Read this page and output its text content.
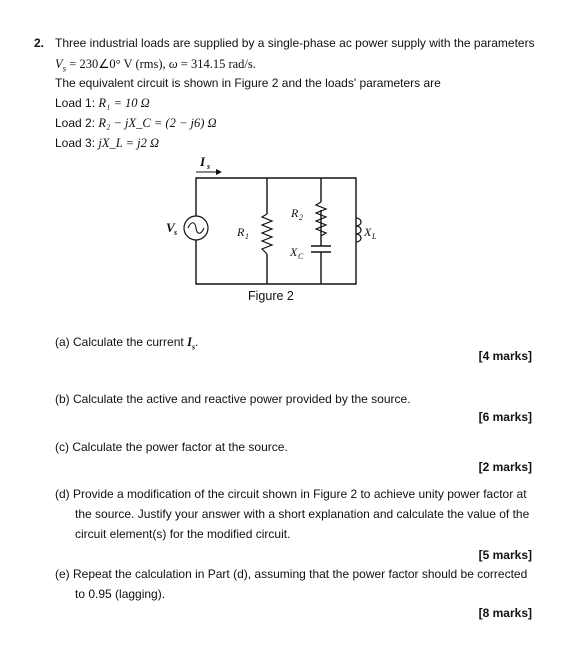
2. Three industrial loads are supplied by a single-phase ac power supply with the parameters
$V_s$ = 230∠0° V (rms), ω = 314.15 rad/s.
The equivalent circuit is shown in Figure 2 and the loads' parameters are
Load 1: R₁ = 10 Ω
Load 2: R₂ − jX_C = (2 − j6) Ω
Load 3: jX_L = j2 Ω
I s
V s	R 1
R 2
X C
X L
Figure 2
(a) Calculate the current $I_s$.
[4 marks]
(b) Calculate the active and reactive power provided by the source.
[6 marks]
(c) Calculate the power factor at the source.
[2 marks]
(d) Provide a modification of the circuit shown in Figure 2 to achieve unity power factor at
the source. Justify your answer with a short explanation and calculate the value of the
circuit element(s) for the modified circuit.
[5 marks]
(e) Repeat the calculation in Part (d), assuming that the power factor should be corrected
to 0.95 (lagging).
[8 marks]
